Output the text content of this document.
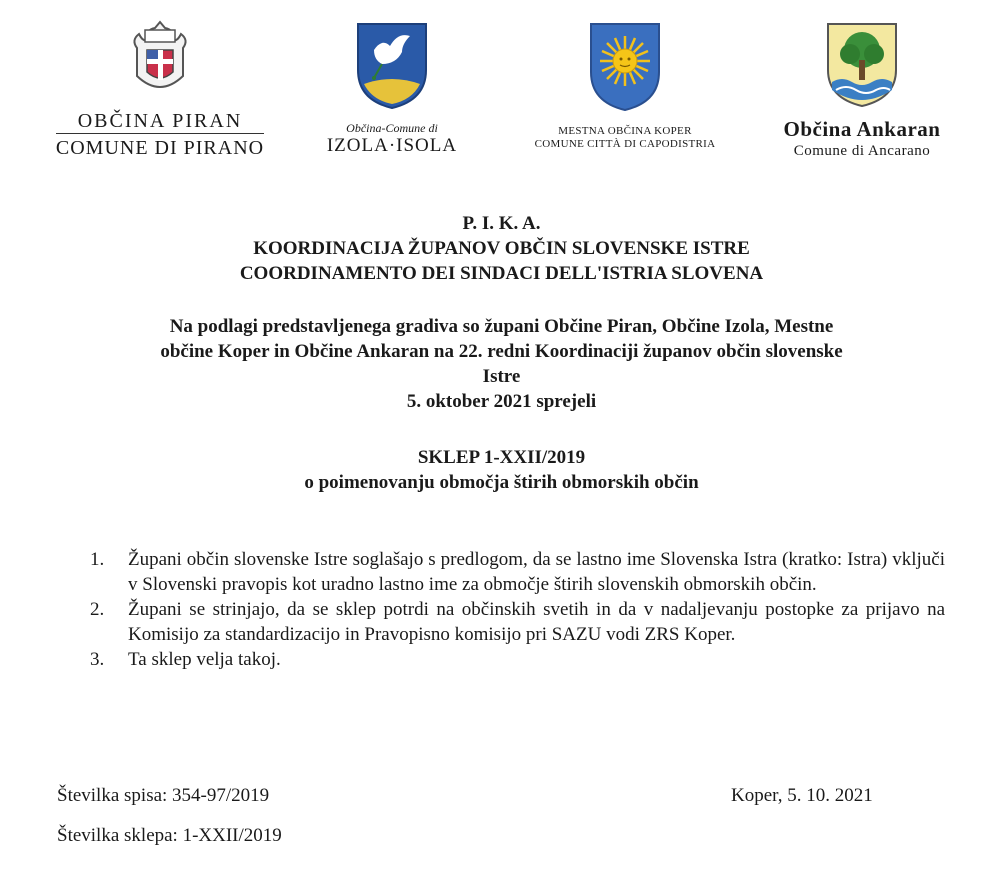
OBČINA PIRAN
COMUNE DI PIRANO
Občina-Comune di
IZOLA·ISOLA
MESTNA OBČINA KOPER
COMUNE CITTÀ DI CAPODISTRIA
Občina Ankaran
Comune di Ancarano
P. I. K. A.
KOORDINACIJA ŽUPANOV OBČIN SLOVENSKE ISTRE
COORDINAMENTO DEI SINDACI DELL'ISTRIA SLOVENA
Na podlagi predstavljenega gradiva so župani Občine Piran, Občine Izola, Mestne
občine Koper in Občine Ankaran na 22. redni Koordinaciji županov občin slovenske
Istre
5. oktober 2021 sprejeli
SKLEP 1-XXII/2019
o poimenovanju območja štirih obmorskih občin
1. Župani občin slovenske Istre soglašajo s predlogom, da se lastno ime Slovenska Istra (kratko: Istra) vključi v Slovenski pravopis kot uradno lastno ime za območje štirih slovenskih obmorskih občin.
2. Župani se strinjajo, da se sklep potrdi na občinskih svetih in da v nadaljevanju postopke za prijavo na Komisijo za standardizacijo in Pravopisno komisijo pri SAZU vodi ZRS Koper.
3. Ta sklep velja takoj.
Številka spisa: 354-97/2019
Številka sklepa: 1-XXII/2019
Koper, 5. 10. 2021
